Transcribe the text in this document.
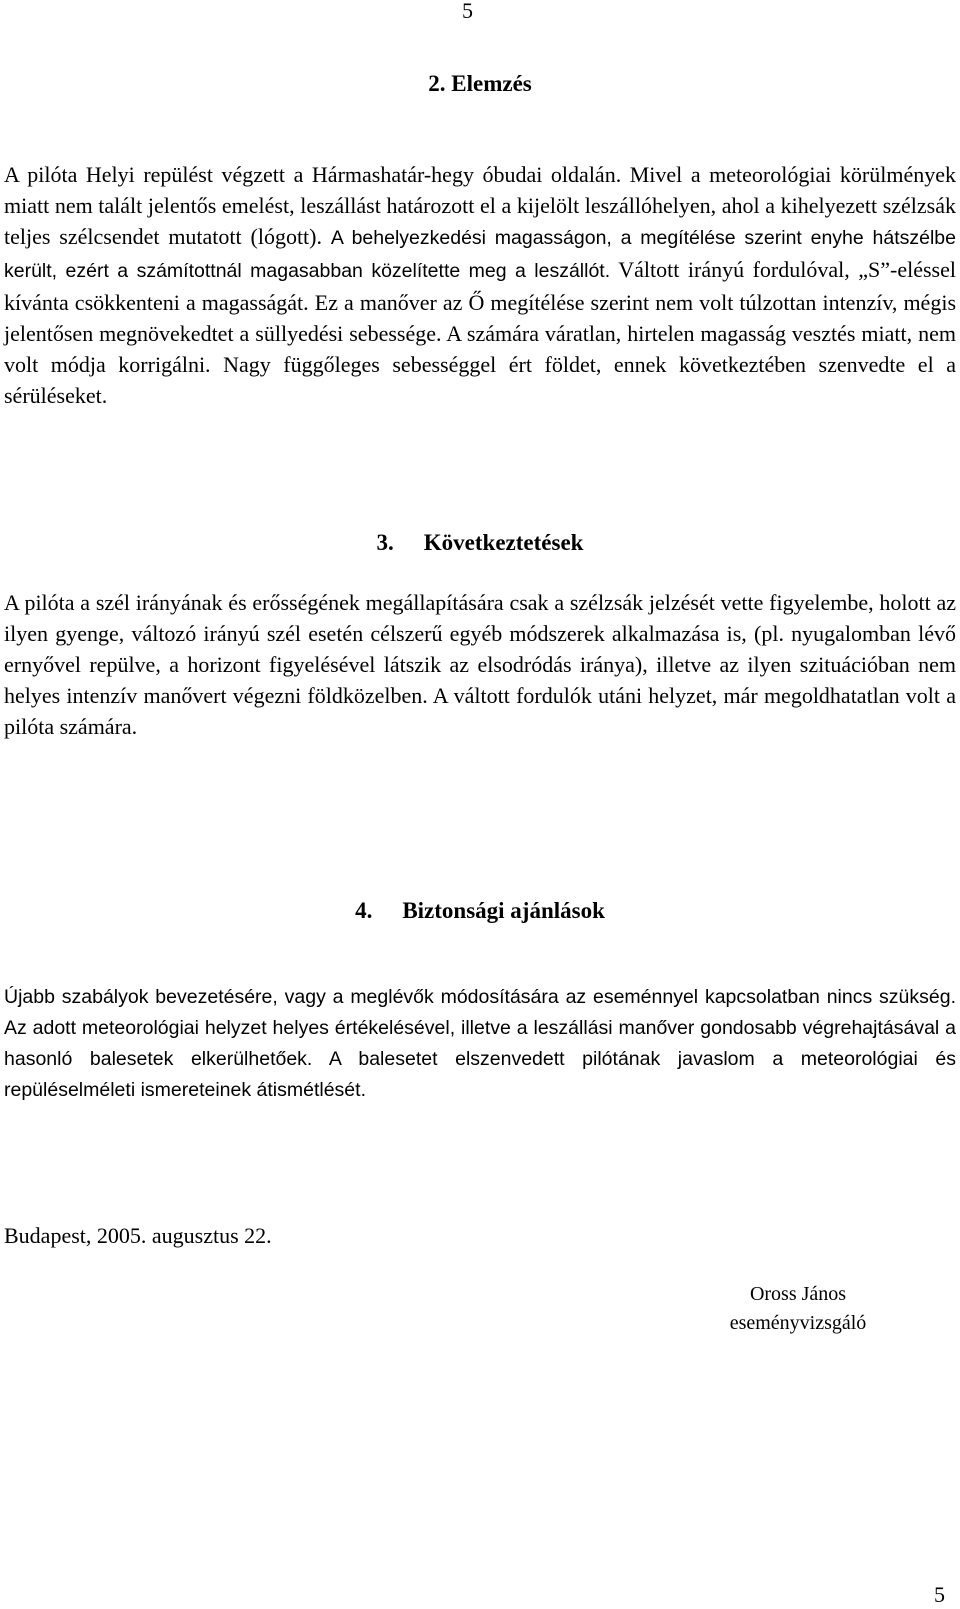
5
2. Elemzés

A pilóta Helyi repülést végzett a Hármashatár-hegy óbudai oldalán. Mivel a meteorológiai körülmények miatt nem talált jelentős emelést, leszállást határozott el a kijelölt leszállóhelyen, ahol a kihelyezett szélzsák teljes szélcsendet mutatott (lógott). A behelyezkedési magasságon, a megítélése szerint enyhe hátszélbe került, ezért a számítottnál magasabban közelítette meg a leszállót. Váltott irányú fordulóval, „S”-eléssel kívánta csökkenteni a magasságát. Ez a manőver az Ő megítélése szerint nem volt túlzottan intenzív, mégis jelentősen megnövekedtet a süllyedési sebessége. A számára váratlan, hirtelen magasság vesztés miatt, nem volt módja korrigálni. Nagy függőleges sebességgel ért földet, ennek következtében szenvedte el a sérüléseket.

3. Következtetések

A pilóta a szél irányának és erősségének megállapítására csak a szélzsák jelzését vette figyelembe, holott az ilyen gyenge, változó irányú szél esetén célszerű egyéb módszerek alkalmazása is, (pl. nyugalomban lévő ernyővel repülve, a horizont figyelésével látszik az elsodródás iránya), illetve az ilyen szituációban nem helyes intenzív manővert végezni földközelben. A váltott fordulók utáni helyzet, már megoldhatatlan volt a pilóta számára.

4. Biztonsági ajánlások

Újabb szabályok bevezetésére, vagy a meglévők módosítására az eseménnyel kapcsolatban nincs szükség. Az adott meteorológiai helyzet helyes értékelésével, illetve a leszállási manőver gondosabb végrehajtásával a hasonló balesetek elkerülhetőek. A balesetet elszenvedett pilótának javaslom a meteorológiai és repüléselméleti ismereteinek átismétlését.

Budapest, 2005. augusztus 22.
Oross János
eseményvizsgáló
5
